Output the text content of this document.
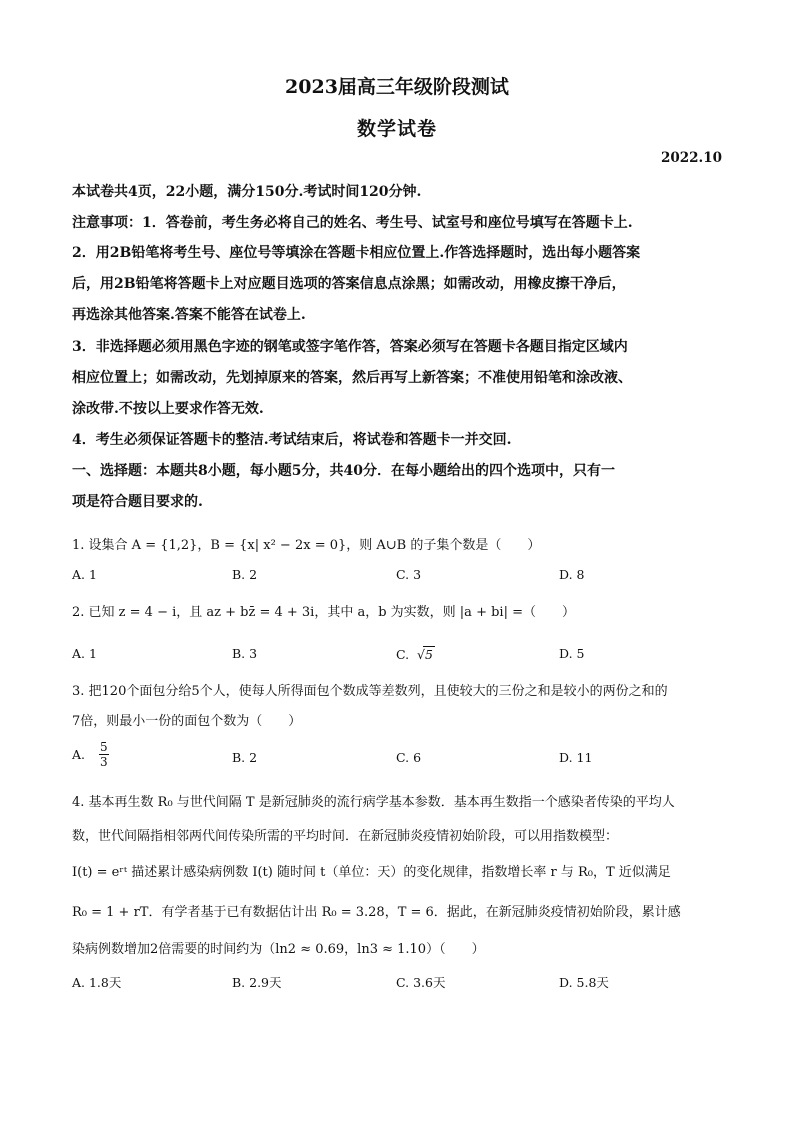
2023届高三年级阶段测试
数学试卷
2022.10
本试卷共4页，22小题，满分150分.考试时间120分钟.
注意事项：1．答卷前，考生务必将自己的姓名、考生号、试室号和座位号填写在答题卡上.
2．用2B铅笔将考生号、座位号等填涂在答题卡相应位置上.作答选择题时，选出每小题答案
后，用2B铅笔将答题卡上对应题目选项的答案信息点涂黑；如需改动，用橡皮擦干净后，
再选涂其他答案.答案不能答在试卷上.
3．非选择题必须用黑色字迹的钢笔或签字笔作答，答案必须写在答题卡各题目指定区域内
相应位置上；如需改动，先划掉原来的答案，然后再写上新答案；不准使用铅笔和涂改液、
涂改带.不按以上要求作答无效.
4．考生必须保证答题卡的整洁.考试结束后，将试卷和答题卡一并交回.
一、选择题：本题共8小题，每小题5分，共40分．在每小题给出的四个选项中，只有一
项是符合题目要求的.
1. 设集合 A = {1,2}，B = {x| x² − 2x = 0}，则 A∪B 的子集个数是（　　）
A. 1	B. 2	C. 3	D. 8
2. 已知 z = 4 − i，且 az + bz̄ = 4 + 3i，其中 a，b 为实数，则 |a + bi| =（　　）
A. 1	B. 3	C.  √5	D. 5
3. 把120个面包分给5个人，使每人所得面包个数成等差数列，且使较大的三份之和是较小的两份之和的
7倍，则最小一份的面包个数为（　　）
A. $\frac{5}{3}$	B. 2	C. 6	D. 11
4. 基本再生数 R₀ 与世代间隔 T 是新冠肺炎的流行病学基本参数．基本再生数指一个感染者传染的平均人
数，世代间隔指相邻两代间传染所需的平均时间．在新冠肺炎疫情初始阶段，可以用指数模型：
I(t) = eʳᵗ 描述累计感染病例数 I(t) 随时间 t（单位：天）的变化规律，指数增长率 r 与 R₀，T 近似满足
R₀ = 1 + rT．有学者基于已有数据估计出 R₀ = 3.28，T = 6．据此，在新冠肺炎疫情初始阶段，累计感
染病例数增加2倍需要的时间约为（ln2 ≈ 0.69，ln3 ≈ 1.10）（　　）
A. 1.8天	B. 2.9天	C. 3.6天	D. 5.8天
